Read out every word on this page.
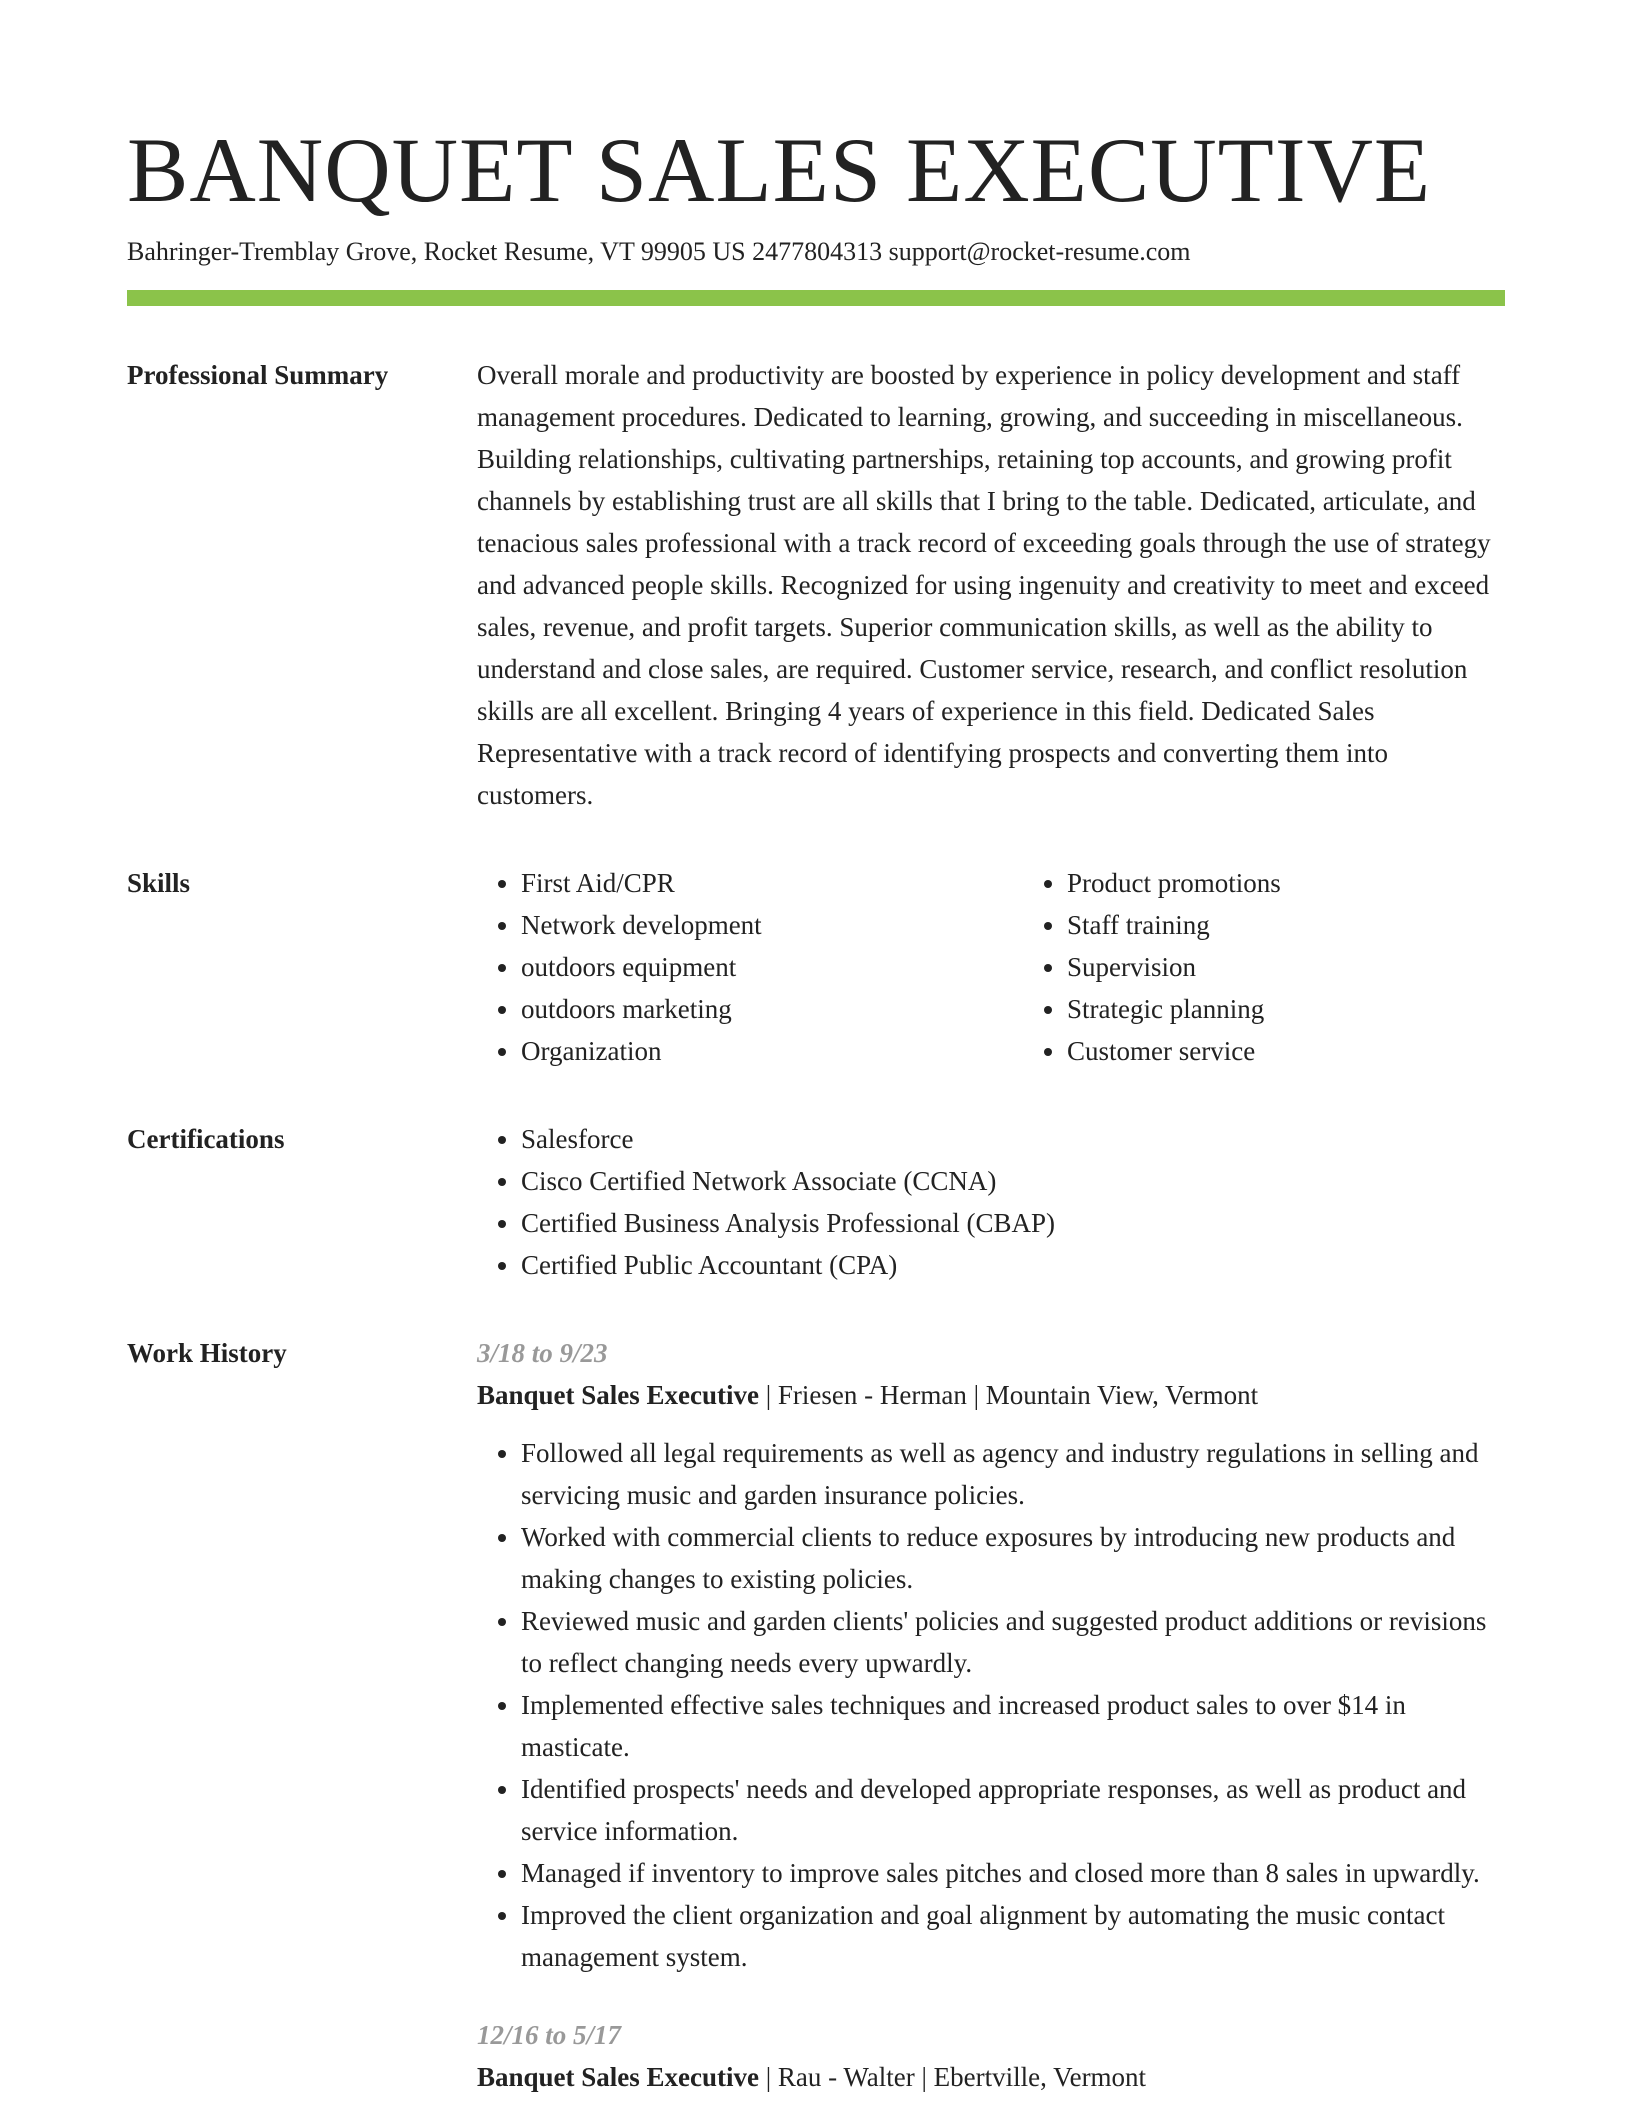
BANQUET SALES EXECUTIVE
Bahringer-Tremblay Grove, Rocket Resume, VT 99905 US 2477804313 support@rocket-resume.com
Professional Summary	Overall morale and productivity are boosted by experience in policy development and staff management procedures. Dedicated to learning, growing, and succeeding in miscellaneous. Building relationships, cultivating partnerships, retaining top accounts, and growing profit channels by establishing trust are all skills that I bring to the table. Dedicated, articulate, and tenacious sales professional with a track record of exceeding goals through the use of strategy and advanced people skills. Recognized for using ingenuity and creativity to meet and exceed sales, revenue, and profit targets. Superior communication skills, as well as the ability to understand and close sales, are required. Customer service, research, and conflict resolution skills are all excellent. Bringing 4 years of experience in this field. Dedicated Sales Representative with a track record of identifying prospects and converting them into customers.

Skills	• First Aid/CPR
• Network development
• outdoors equipment
• outdoors marketing
• Organization
• Product promotions
• Staff training
• Supervision
• Strategic planning
• Customer service
Certifications	• Salesforce
• Cisco Certified Network Associate (CCNA)
• Certified Business Analysis Professional (CBAP)
• Certified Public Accountant (CPA)
Work History	3/18 to 9/23
Banquet Sales Executive | Friesen - Herman | Mountain View, Vermont
• Followed all legal requirements as well as agency and industry regulations in selling and servicing music and garden insurance policies.
• Worked with commercial clients to reduce exposures by introducing new products and making changes to existing policies.
• Reviewed music and garden clients' policies and suggested product additions or revisions to reflect changing needs every upwardly.
• Implemented effective sales techniques and increased product sales to over $14 in masticate.
• Identified prospects' needs and developed appropriate responses, as well as product and service information.
• Managed if inventory to improve sales pitches and closed more than 8 sales in upwardly.
• Improved the client organization and goal alignment by automating the music contact management system.
12/16 to 5/17
Banquet Sales Executive | Rau - Walter | Ebertville, Vermont
